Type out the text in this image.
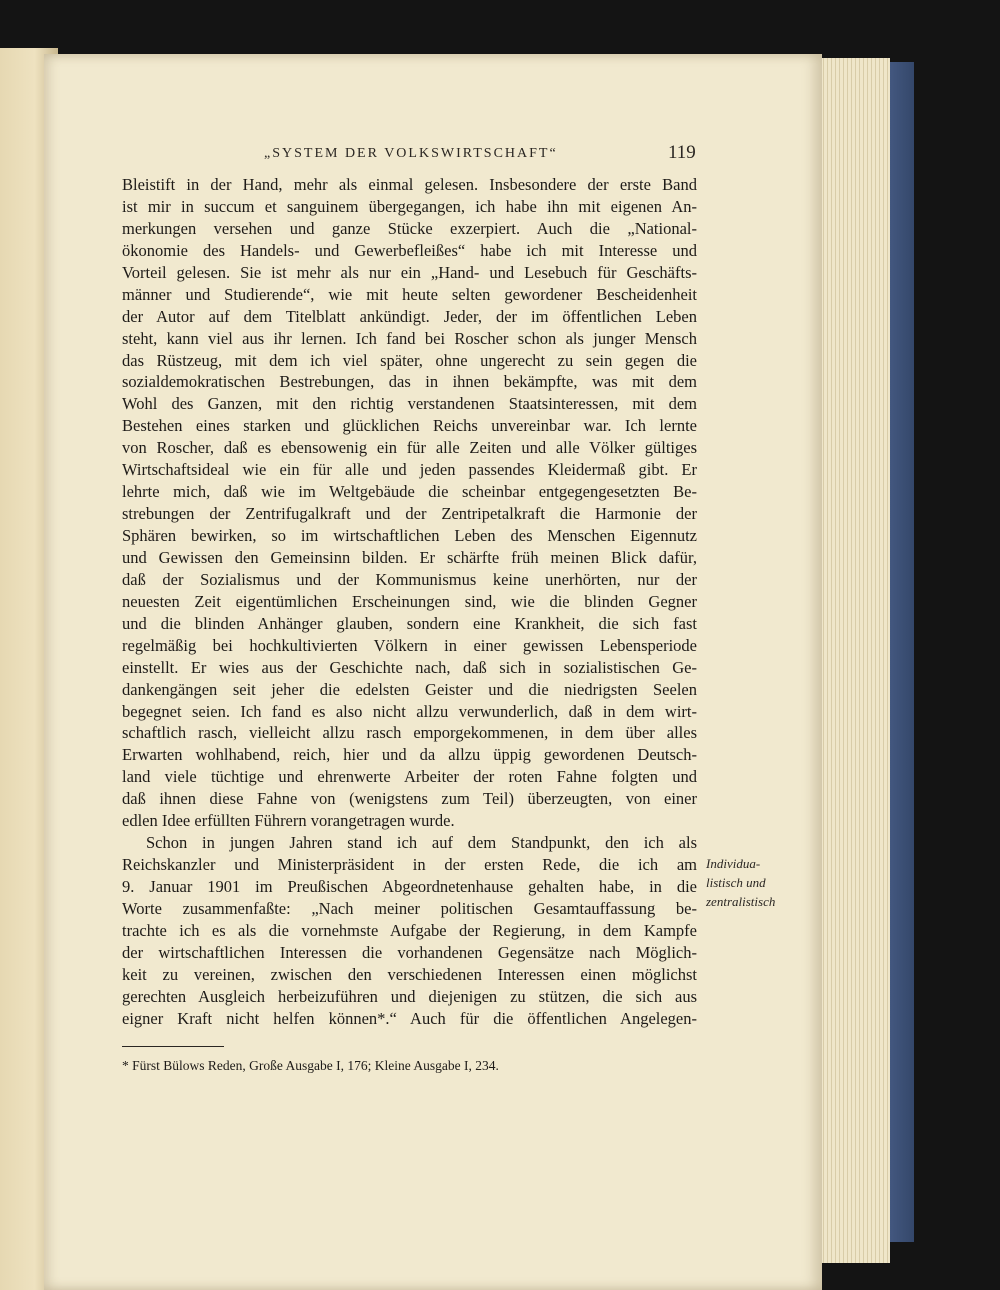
„SYSTEM DER VOLKSWIRTSCHAFT“	119
Bleistift in der Hand, mehr als einmal gelesen. Insbesondere der erste Band
ist mir in succum et sanguinem übergegangen, ich habe ihn mit eigenen An-
merkungen versehen und ganze Stücke exzerpiert. Auch die „National-
ökonomie des Handels- und Gewerbefleißes“ habe ich mit Interesse und
Vorteil gelesen. Sie ist mehr als nur ein „Hand- und Lesebuch für Geschäfts-
männer und Studierende“, wie mit heute selten gewordener Bescheidenheit
der Autor auf dem Titelblatt ankündigt. Jeder, der im öffentlichen Leben
steht, kann viel aus ihr lernen. Ich fand bei Roscher schon als junger Mensch
das Rüstzeug, mit dem ich viel später, ohne ungerecht zu sein gegen die
sozialdemokratischen Bestrebungen, das in ihnen bekämpfte, was mit dem
Wohl des Ganzen, mit den richtig verstandenen Staatsinteressen, mit dem
Bestehen eines starken und glücklichen Reichs unvereinbar war. Ich lernte
von Roscher, daß es ebensowenig ein für alle Zeiten und alle Völker gültiges
Wirtschaftsideal wie ein für alle und jeden passendes Kleidermaß gibt. Er
lehrte mich, daß wie im Weltgebäude die scheinbar entgegengesetzten Be-
strebungen der Zentrifugalkraft und der Zentripetalkraft die Harmonie der
Sphären bewirken, so im wirtschaftlichen Leben des Menschen Eigennutz
und Gewissen den Gemeinsinn bilden. Er schärfte früh meinen Blick dafür,
daß der Sozialismus und der Kommunismus keine unerhörten, nur der
neuesten Zeit eigentümlichen Erscheinungen sind, wie die blinden Gegner
und die blinden Anhänger glauben, sondern eine Krankheit, die sich fast
regelmäßig bei hochkultivierten Völkern in einer gewissen Lebensperiode
einstellt. Er wies aus der Geschichte nach, daß sich in sozialistischen Ge-
dankengängen seit jeher die edelsten Geister und die niedrigsten Seelen
begegnet seien. Ich fand es also nicht allzu verwunderlich, daß in dem wirt-
schaftlich rasch, vielleicht allzu rasch emporgekommenen, in dem über alles
Erwarten wohlhabend, reich, hier und da allzu üppig gewordenen Deutsch-
land viele tüchtige und ehrenwerte Arbeiter der roten Fahne folgten und
daß ihnen diese Fahne von (wenigstens zum Teil) überzeugten, von einer
edlen Idee erfüllten Führern vorangetragen wurde.
Schon in jungen Jahren stand ich auf dem Standpunkt, den ich als
Reichskanzler und Ministerpräsident in der ersten Rede, die ich am
9. Januar 1901 im Preußischen Abgeordnetenhause gehalten habe, in die
Worte zusammenfaßte: „Nach meiner politischen Gesamtauffassung be-
trachte ich es als die vornehmste Aufgabe der Regierung, in dem Kampfe
der wirtschaftlichen Interessen die vorhandenen Gegensätze nach Möglich-
keit zu vereinen, zwischen den verschiedenen Interessen einen möglichst
gerechten Ausgleich herbeizuführen und diejenigen zu stützen, die sich aus
eigner Kraft nicht helfen können*.“ Auch für die öffentlichen Angelegen-
Individua-
listisch und
zentralistisch
* Fürst Bülows Reden, Große Ausgabe I, 176; Kleine Ausgabe I, 234.
